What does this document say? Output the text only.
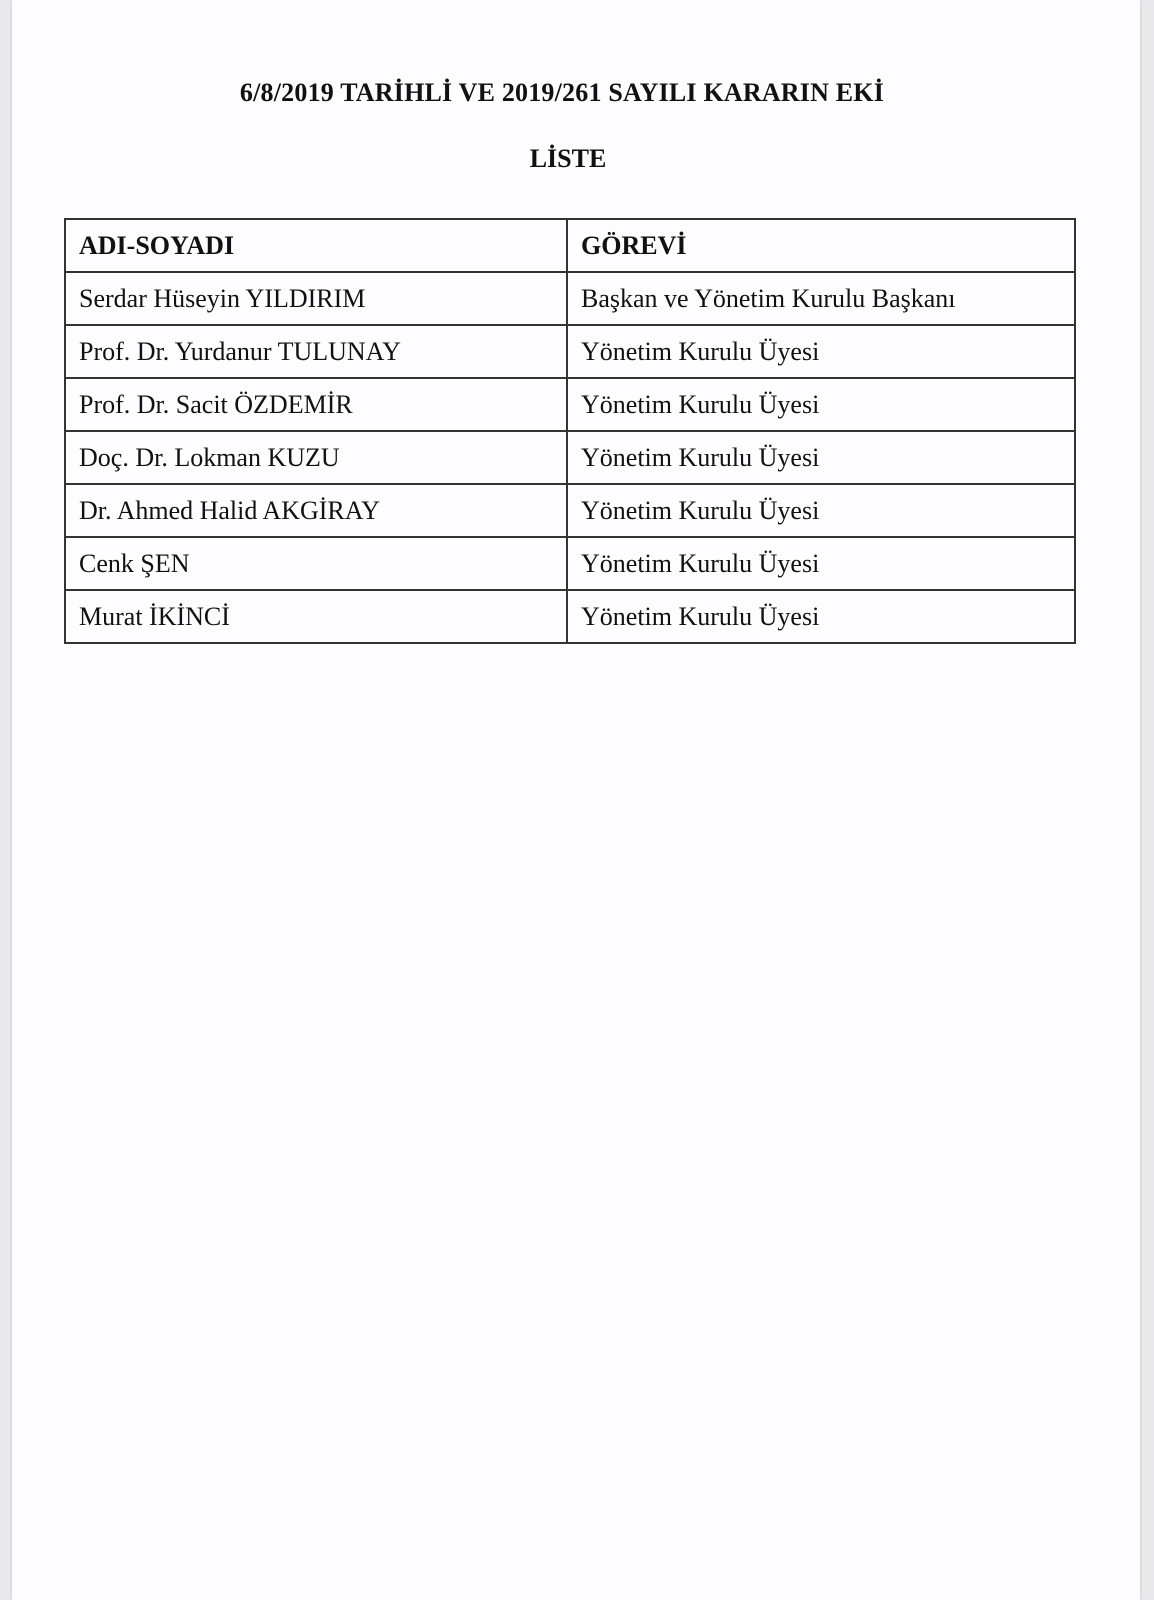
6/8/2019 TARİHLİ VE 2019/261 SAYILI KARARIN EKİ
LİSTE
ADI-SOYADI	GÖREVİ
Serdar Hüseyin YILDIRIM	Başkan ve Yönetim Kurulu Başkanı
Prof. Dr. Yurdanur TULUNAY	Yönetim Kurulu Üyesi
Prof. Dr. Sacit ÖZDEMİR	Yönetim Kurulu Üyesi
Doç. Dr. Lokman KUZU	Yönetim Kurulu Üyesi
Dr. Ahmed Halid AKGİRAY	Yönetim Kurulu Üyesi
Cenk ŞEN	Yönetim Kurulu Üyesi
Murat İKİNCİ	Yönetim Kurulu Üyesi
